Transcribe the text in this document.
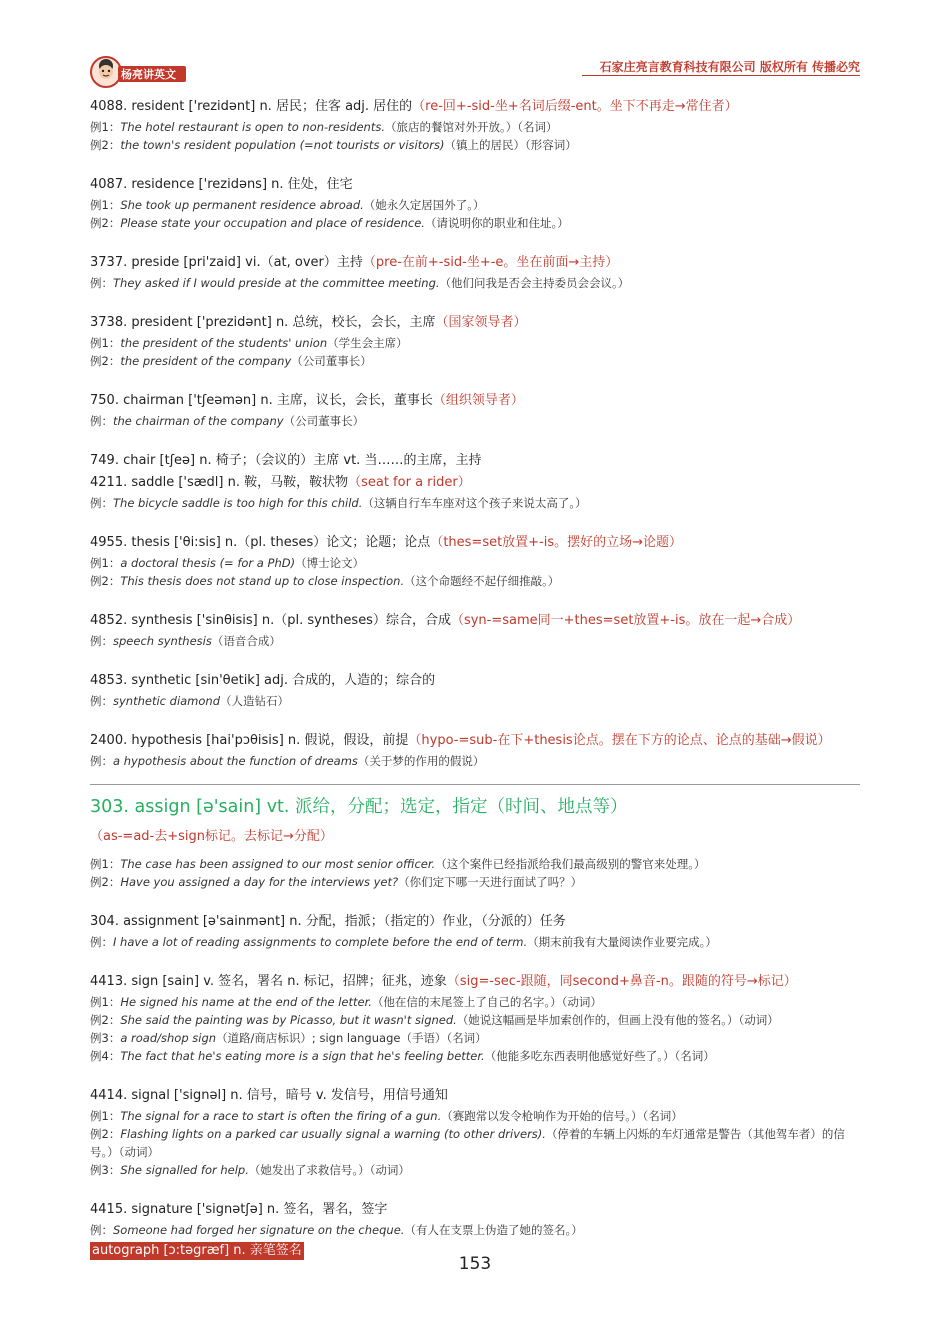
杨亮讲英文
石家庄亮言教育科技有限公司 版权所有 传播必究
4088. resident ['rezidənt] n. 居民；住客 adj. 居住的（re-回+-sid-坐+名词后缀-ent。坐下不再走→常住者）
例1：The hotel restaurant is open to non-residents.（旅店的餐馆对外开放。）（名词）
例2：the town's resident population (=not tourists or visitors)（镇上的居民）（形容词）
4087. residence ['rezidəns] n. 住处，住宅
例1：She took up permanent residence abroad.（她永久定居国外了。）
例2：Please state your occupation and place of residence.（请说明你的职业和住址。）
3737. preside [pri'zaid] vi.（at, over）主持（pre-在前+-sid-坐+-e。坐在前面→主持）
例：They asked if I would preside at the committee meeting.（他们问我是否会主持委员会会议。）
3738. president ['prezidənt] n. 总统，校长，会长，主席（国家领导者）
例1：the president of the students' union（学生会主席）
例2：the president of the company（公司董事长）
750. chairman ['tʃeəmən] n. 主席，议长，会长，董事长（组织领导者）
例：the chairman of the company（公司董事长）
749. chair [tʃeə] n. 椅子；（会议的）主席 vt. 当……的主席，主持
4211. saddle ['sædl] n. 鞍，马鞍，鞍状物（seat for a rider）
例：The bicycle saddle is too high for this child.（这辆自行车车座对这个孩子来说太高了。）
4955. thesis ['θi:sis] n.（pl. theses）论文；论题；论点（thes=set放置+-is。摆好的立场→论题）
例1：a doctoral thesis (= for a PhD)（博士论文）
例2：This thesis does not stand up to close inspection.（这个命题经不起仔细推敲。）
4852. synthesis ['sinθisis] n.（pl. syntheses）综合，合成（syn-=same同一+thes=set放置+-is。放在一起→合成）
例：speech synthesis（语音合成）
4853. synthetic [sin'θetik] adj. 合成的，人造的；综合的
例：synthetic diamond（人造钻石）
2400. hypothesis [hai'pɔθisis] n. 假说，假设，前提（hypo-=sub-在下+thesis论点。摆在下方的论点、论点的基础→假说）
例：a hypothesis about the function of dreams（关于梦的作用的假说）
303. assign [ə'sain] vt. 派给，分配；选定，指定（时间、地点等）（as-=ad-去+sign标记。去标记→分配）
例1：The case has been assigned to our most senior officer.（这个案件已经指派给我们最高级别的警官来处理。）
例2：Have you assigned a day for the interviews yet?（你们定下哪一天进行面试了吗？）
304. assignment [ə'sainmənt] n. 分配，指派；（指定的）作业，（分派的）任务
例：I have a lot of reading assignments to complete before the end of term.（期末前我有大量阅读作业要完成。）
4413. sign [sain] v. 签名，署名 n. 标记，招牌；征兆，迹象（sig=-sec-跟随，同second+鼻音-n。跟随的符号→标记）
例1：He signed his name at the end of the letter.（他在信的末尾签上了自己的名字。）（动词）
例2：She said the painting was by Picasso, but it wasn't signed.（她说这幅画是毕加索创作的，但画上没有他的签名。）（动词）
例3：a road/shop sign（道路/商店标识）; sign language（手语）（名词）
例4：The fact that he's eating more is a sign that he's feeling better.（他能多吃东西表明他感觉好些了。）（名词）
4414. signal ['signəl] n. 信号，暗号 v. 发信号，用信号通知
例1：The signal for a race to start is often the firing of a gun.（赛跑常以发令枪响作为开始的信号。）（名词）
例2：Flashing lights on a parked car usually signal a warning (to other drivers).（停着的车辆上闪烁的车灯通常是警告（其他驾车者）的信号。）（动词）
例3：She signalled for help.（她发出了求救信号。）（动词）
4415. signature ['signətʃə] n. 签名，署名，签字
例：Someone had forged her signature on the cheque.（有人在支票上伪造了她的签名。）
autograph [ɔ:təgræf] n. 亲笔签名
153
